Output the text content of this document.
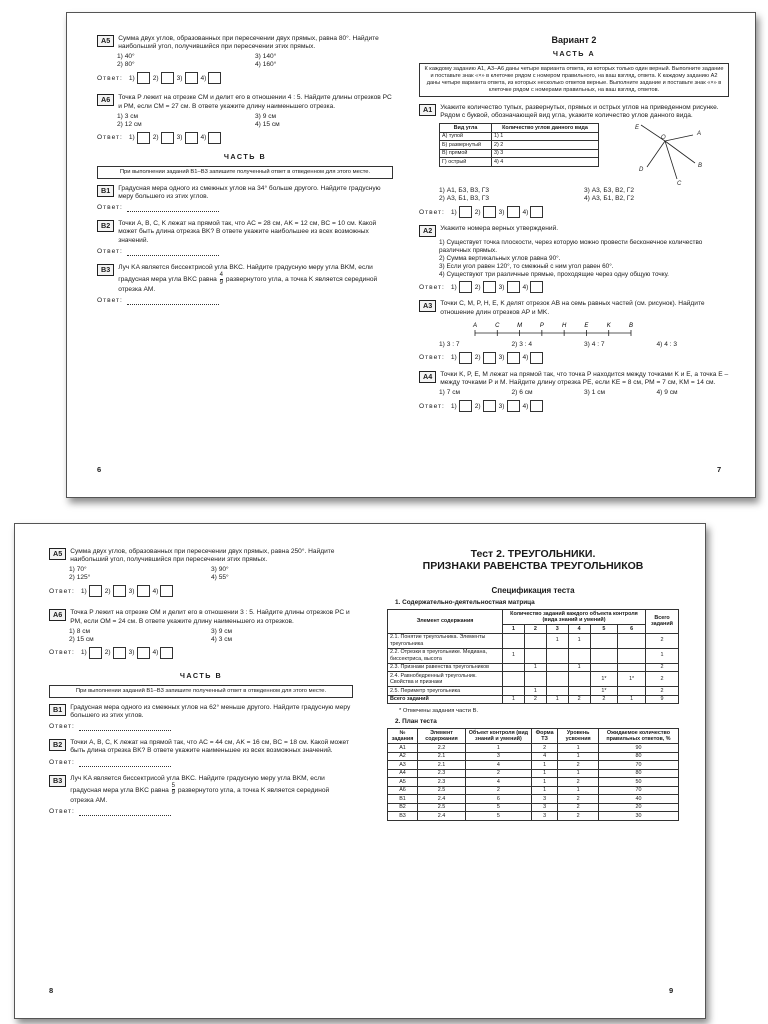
А5	Сумма двух углов, образованных при пересечении двух прямых, равна 80°. Найдите наибольший угол, получившийся при пересечении этих прямых.
1) 40°	3) 140°
2) 80°	4) 160°
Ответ: 1)	2)	3)	4)
А6	Точка P лежит на отрезке CM и делит его в отношении 4 : 5. Найдите длины отрезков PC и PM, если CM = 27 см. В ответе укажите длину наименьшего отрезка.
1) 3 см	3) 9 см
2) 12 см	4) 15 см
Ответ: 1)	2)	3)	4)
ЧАСТЬ В
При выполнении заданий В1–В3 запишите полученный ответ в отведенном для этого месте.
В1	Градусная мера одного из смежных углов на 34° больше другого. Найдите градусную меру большего из этих углов.
Ответ:
В2	Точки A, B, C, K лежат на прямой так, что AC = 28 см, AK = 12 см, BC = 10 см. Какой может быть длина отрезка BK? В ответе укажите наибольшее из всех возможных значений.
Ответ:
В3	Луч KA является биссектрисой угла BKC. Найдите градусную меру угла BKM, если градусная мера угла BKC равна $\frac{4}{9}$ развернутого угла, а точка K является серединой отрезка AM.
Ответ:
6
Вариант 2
ЧАСТЬ А
К каждому заданию А1, А3–А6 даны четыре варианта ответа, из которых только один верный. Выполните задание и поставьте знак «×» в клеточке рядом с номером правильного, на ваш взгляд, ответа. К каждому заданию А2 даны четыре варианта ответа, из которых несколько ответов верные. Выполните задание и поставьте знак «×» в клеточке рядом с номерами правильных, на ваш взгляд, ответов.
А1	Укажите количество тупых, развернутых, прямых и острых углов на приведенном рисунке. Рядом с буквой, обозначающей вид угла, укажите количество углов данного вида.
Вид угла	Количество углов данного вида
А) тупой	1) 1
Б) развернутый	2) 2
В) прямой	3) 3
Г) острый	4) 4
E
A
O
B
D
C
1) А1, Б3, В3, Г3	3) А3, Б3, В2, Г2
2) А3, Б1, В3, Г3	4) А3, Б1, В2, Г2
Ответ: 1)	2)	3)	4)
А2	Укажите номера верных утверждений.
1) Существует точка плоскости, через которую можно провести бесконечное количество различных прямых.
2) Сумма вертикальных углов равна 90°.
3) Если угол равен 120°, то смежный с ним угол равен 60°.
4) Существуют три различные прямые, проходящие через одну общую точку.
Ответ: 1)	2)	3)	4)
А3	Точки C, M, P, H, E, K делят отрезок AB на семь равных частей (см. рисунок). Найдите отношение длин отрезков AP и MK.
A	C	M	P	H	E	K	B
1) 3 : 7	2) 3 : 4	3) 4 : 7	4) 4 : 3
Ответ: 1)	2)	3)	4)
А4	Точки K, P, E, M лежат на прямой так, что точка P находится между точками K и E, а точка E – между точками P и M. Найдите длину отрезка PE, если KE = 8 см, PM = 7 см, KM = 14 см.
1) 7 см	2) 6 см	3) 1 см	4) 9 см
Ответ: 1)	2)	3)	4)
7
А5	Сумма двух углов, образованных при пересечении двух прямых, равна 250°. Найдите наибольший угол, получившийся при пересечении этих прямых.
1) 70°	3) 90°
2) 125°	4) 55°
Ответ: 1)	2)	3)	4)
А6	Точка P лежит на отрезке OM и делит его в отношении 3 : 5. Найдите длины отрезков PC и PM, если OM = 24 см. В ответе укажите длину наименьшего из отрезков.
1) 8 см	3) 9 см
2) 15 см	4) 3 см
Ответ: 1)	2)	3)	4)
ЧАСТЬ В
При выполнении заданий В1–В3 запишите полученный ответ в отведенном для этого месте.
В1	Градусная мера одного из смежных углов на 62° меньше другого. Найдите градусную меру большего из этих углов.
Ответ:
В2	Точки A, B, C, K лежат на прямой так, что AC = 44 см, AK = 16 см, BC = 18 см. Какой может быть длина отрезка BK? В ответе укажите наименьшее из всех возможных значений.
Ответ:
В3	Луч KA является биссектрисой угла BKC. Найдите градусную меру угла BKM, если градусная мера угла BKC равна $\frac{5}{9}$ развернутого угла, а точка K является серединой отрезка AM.
Ответ:
8
Тест 2. ТРЕУГОЛЬНИКИ.
ПРИЗНАКИ РАВЕНСТВА ТРЕУГОЛЬНИКОВ
Спецификация теста
1. Содержательно-деятельностная матрица
Элемент содержания	Количество заданий каждого объекта контроля (вида знаний и умений)						Всего заданий
	1	2	3	4	5	6	
2.1. Понятие треугольника. Элементы треугольника			1	1			2
2.2. Отрезки в треугольнике. Медиана, биссектриса, высота	1						1
2.3. Признаки равенства треугольников		1		1			2
2.4. Равнобедренный треугольник. Свойства и признаки					1*	1*	2
2.5. Периметр треугольника		1			1*		2
Всего заданий	1	2	1	2	2	1	9
* Отмечены задания части В.
2. План теста
№ задания	Элемент содержания	Объект контроля (вид знаний и умений)	Форма ТЗ	Уровень усвоения	Ожидаемое количество правильных ответов, %
А1	2.2	1	2	1	90
А2	2.1	3	4	1	80
А3	2.1	4	1	2	70
А4	2.3	2	1	1	80
А5	2.3	4	1	2	50
А6	2.5	2	1	1	70
В1	2.4	6	3	2	40
В2	2.5	5	3	2	20
В3	2.4	5	3	2	30
9
